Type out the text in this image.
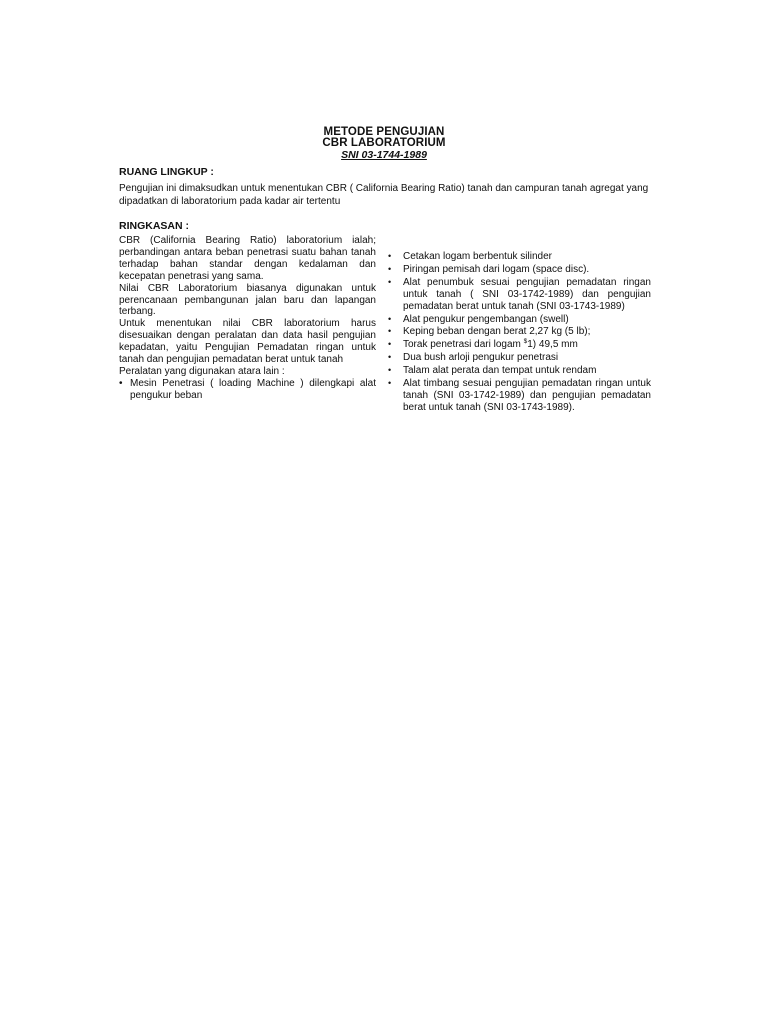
METODE PENGUJIAN
CBR LABORATORIUM
SNI 03-1744-1989
RUANG LINGKUP :
Pengujian ini dimaksudkan untuk menentukan CBR ( California Bearing Ratio) tanah dan campuran tanah agregat yang dipadatkan di laboratorium pada kadar air tertentu
RINGKASAN :

CBR (California Bearing Ratio) laboratorium ialah; perbandingan antara beban penetrasi suatu bahan tanah terhadap bahan standar dengan kedalaman dan kecepatan penetrasi yang sama.

Nilai CBR Laboratorium biasanya digunakan untuk perencanaan pembangunan jalan baru dan lapangan terbang.

Untuk menentukan nilai CBR laboratorium harus disesuaikan dengan peralatan dan data hasil pengujian kepadatan, yaitu Pengujian Pemadatan ringan untuk tanah dan pengujian pemadatan berat untuk tanah

Peralatan yang digunakan atara lain :

• Mesin Penetrasi ( loading Machine ) dilengkapi alat pengukur beban
• Cetakan logam berbentuk silinder
• Piringan pemisah dari logam (space disc).
• Alat penumbuk sesuai pengujian pemadatan ringan untuk tanah ( SNI 03-1742-1989) dan pengujian pemadatan berat untuk tanah (SNI 03-1743-1989)
• Alat pengukur pengembangan (swell)
• Keping beban dengan berat 2,27 kg (5 lb);
• Torak penetrasi dari logam $1) 49,5 mm
• Dua bush arloji pengukur penetrasi
• Talam alat perata dan tempat untuk rendam
• Alat timbang sesuai pengujian pemadatan ringan untuk tanah (SNI 03-1742-1989) dan pengujian pemadatan berat untuk tanah (SNI 03-1743-1989).
